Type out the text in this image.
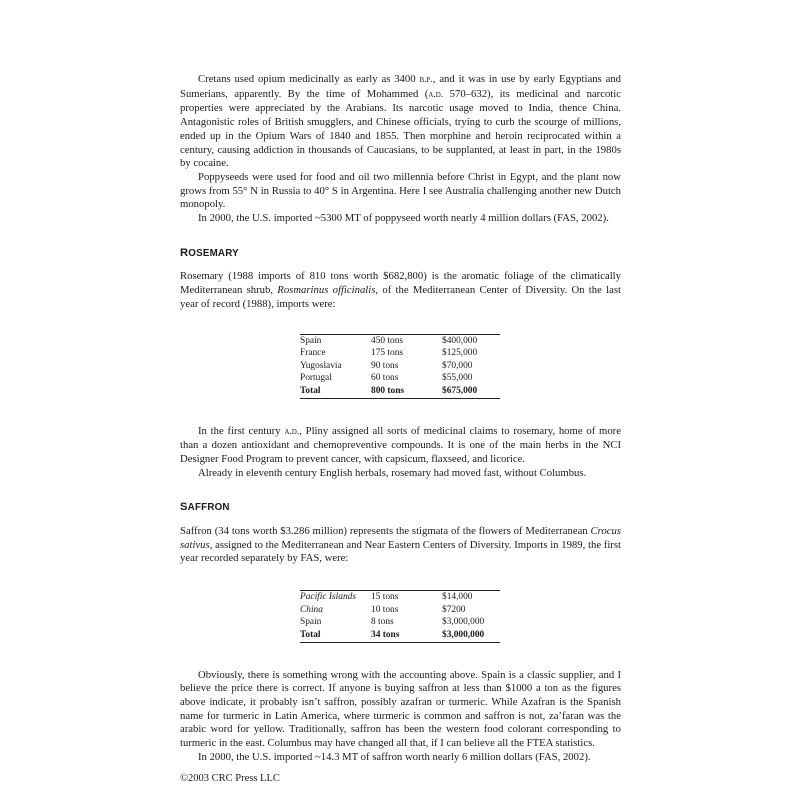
Cretans used opium medicinally as early as 3400 b.p., and it was in use by early Egyptians and Sumerians, apparently. By the time of Mohammed (a.d. 570–632), its medicinal and narcotic properties were appreciated by the Arabians. Its narcotic usage moved to India, thence China. Antagonistic roles of British smugglers, and Chinese officials, trying to curb the scourge of millions, ended up in the Opium Wars of 1840 and 1855. Then morphine and heroin reciprocated within a century, causing addiction in thousands of Caucasians, to be supplanted, at least in part, in the 1980s by cocaine.

Poppyseeds were used for food and oil two millennia before Christ in Egypt, and the plant now grows from 55° N in Russia to 40° S in Argentina. Here I see Australia challenging another new Dutch monopoly.

In 2000, the U.S. imported ~5300 MT of poppyseed worth nearly 4 million dollars (FAS, 2002).

ROSEMARY

Rosemary (1988 imports of 810 tons worth $682,800) is the aromatic foliage of the climatically Mediterranean shrub, Rosmarinus officinalis, of the Mediterranean Center of Diversity. On the last year of record (1988), imports were:

Spain	450 tons	$400,000
France	175 tons	$125,000
Yugoslavia	90 tons	$70,000
Portugal	60 tons	$55,000
Total	800 tons	$675,000

In the first century a.d., Pliny assigned all sorts of medicinal claims to rosemary, home of more than a dozen antioxidant and chemopreventive compounds. It is one of the main herbs in the NCI Designer Food Program to prevent cancer, with capsicum, flaxseed, and licorice.

Already in eleventh century English herbals, rosemary had moved fast, without Columbus.

SAFFRON

Saffron (34 tons worth $3.286 million) represents the stigmata of the flowers of Mediterranean Crocus sativus, assigned to the Mediterranean and Near Eastern Centers of Diversity. Imports in 1989, the first year recorded separately by FAS, were:

Pacific Islands	15 tons	$14,000
China	10 tons	$7200
Spain	8 tons	$3,000,000
Total	34 tons	$3,000,000

Obviously, there is something wrong with the accounting above. Spain is a classic supplier, and I believe the price there is correct. If anyone is buying saffron at less than $1000 a ton as the figures above indicate, it probably isn’t saffron, possibly azafran or turmeric. While Azafran is the Spanish name for turmeric in Latin America, where turmeric is common and saffron is not, za’faran was the arabic word for yellow. Traditionally, saffron has been the western food colorant corresponding to turmeric in the east. Columbus may have changed all that, if I can believe all the FTEA statistics.

In 2000, the U.S. imported ~14.3 MT of saffron worth nearly 6 million dollars (FAS, 2002).

©2003 CRC Press LLC
